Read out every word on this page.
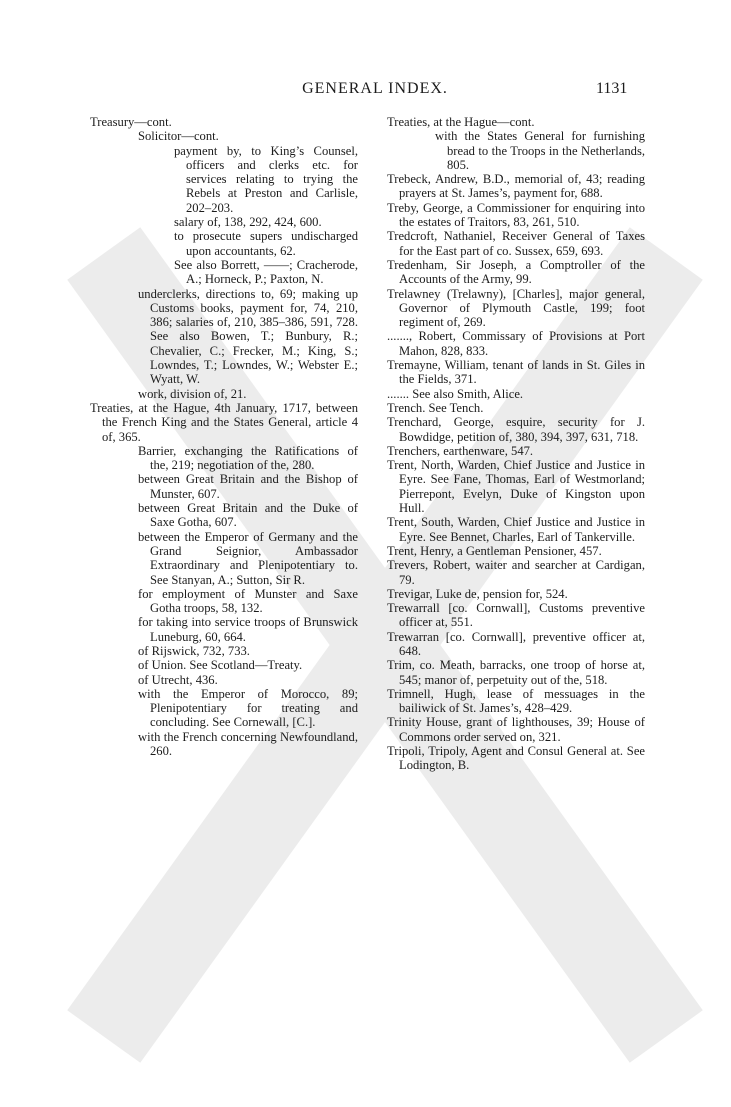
GENERAL INDEX.	1131
Treasury—cont.
Solicitor—cont.
payment by, to King’s Counsel, officers and clerks etc. for services relating to trying the Rebels at Preston and Carlisle, 202–203.
salary of, 138, 292, 424, 600.
to prosecute supers undischarged upon accountants, 62.
See also Borrett, ——; Cracherode, A.; Horneck, P.; Paxton, N.
underclerks, directions to, 69; making up Customs books, payment for, 74, 210, 386; salaries of, 210, 385–386, 591, 728. See also Bowen, T.; Bunbury, R.; Chevalier, C.; Frecker, M.; King, S.; Lowndes, T.; Lowndes, W.; Webster E.; Wyatt, W.
work, division of, 21.
Treaties, at the Hague, 4th January, 1717, between the French King and the States General, article 4 of, 365.
Barrier, exchanging the Ratifications of the, 219; negotiation of the, 280.
between Great Britain and the Bishop of Munster, 607.
between Great Britain and the Duke of Saxe Gotha, 607.
between the Emperor of Germany and the Grand Seignior, Ambassador Extraordinary and Plenipotentiary to. See Stanyan, A.; Sutton, Sir R.
for employment of Munster and Saxe Gotha troops, 58, 132.
for taking into service troops of Brunswick Luneburg, 60, 664.
of Rijswick, 732, 733.
of Union. See Scotland—Treaty.
of Utrecht, 436.
with the Emperor of Morocco, 89; Plenipotentiary for treating and concluding. See Cornewall, [C.].
with the French concerning Newfoundland, 260.
Treaties, at the Hague—cont.
with the States General for furnishing bread to the Troops in the Netherlands, 805.
Trebeck, Andrew, B.D., memorial of, 43; reading prayers at St. James’s, payment for, 688.
Treby, George, a Commissioner for enquiring into the estates of Traitors, 83, 261, 510.
Tredcroft, Nathaniel, Receiver General of Taxes for the East part of co. Sussex, 659, 693.
Tredenham, Sir Joseph, a Comptroller of the Accounts of the Army, 99.
Trelawney (Trelawny), [Charles], major general, Governor of Plymouth Castle, 199; foot regiment of, 269.
......., Robert, Commissary of Provisions at Port Mahon, 828, 833.
Tremayne, William, tenant of lands in St. Giles in the Fields, 371.
....... See also Smith, Alice.
Trench. See Tench.
Trenchard, George, esquire, security for J. Bowdidge, petition of, 380, 394, 397, 631, 718.
Trenchers, earthenware, 547.
Trent, North, Warden, Chief Justice and Justice in Eyre. See Fane, Thomas, Earl of Westmorland; Pierrepont, Evelyn, Duke of Kingston upon Hull.
Trent, South, Warden, Chief Justice and Justice in Eyre. See Bennet, Charles, Earl of Tankerville.
Trent, Henry, a Gentleman Pensioner, 457.
Trevers, Robert, waiter and searcher at Cardigan, 79.
Trevigar, Luke de, pension for, 524.
Trewarrall [co. Cornwall], Customs preventive officer at, 551.
Trewarran [co. Cornwall], preventive officer at, 648.
Trim, co. Meath, barracks, one troop of horse at, 545; manor of, perpetuity out of the, 518.
Trimnell, Hugh, lease of messuages in the bailiwick of St. James’s, 428–429.
Trinity House, grant of lighthouses, 39; House of Commons order served on, 321.
Tripoli, Tripoly, Agent and Consul General at. See Lodington, B.
